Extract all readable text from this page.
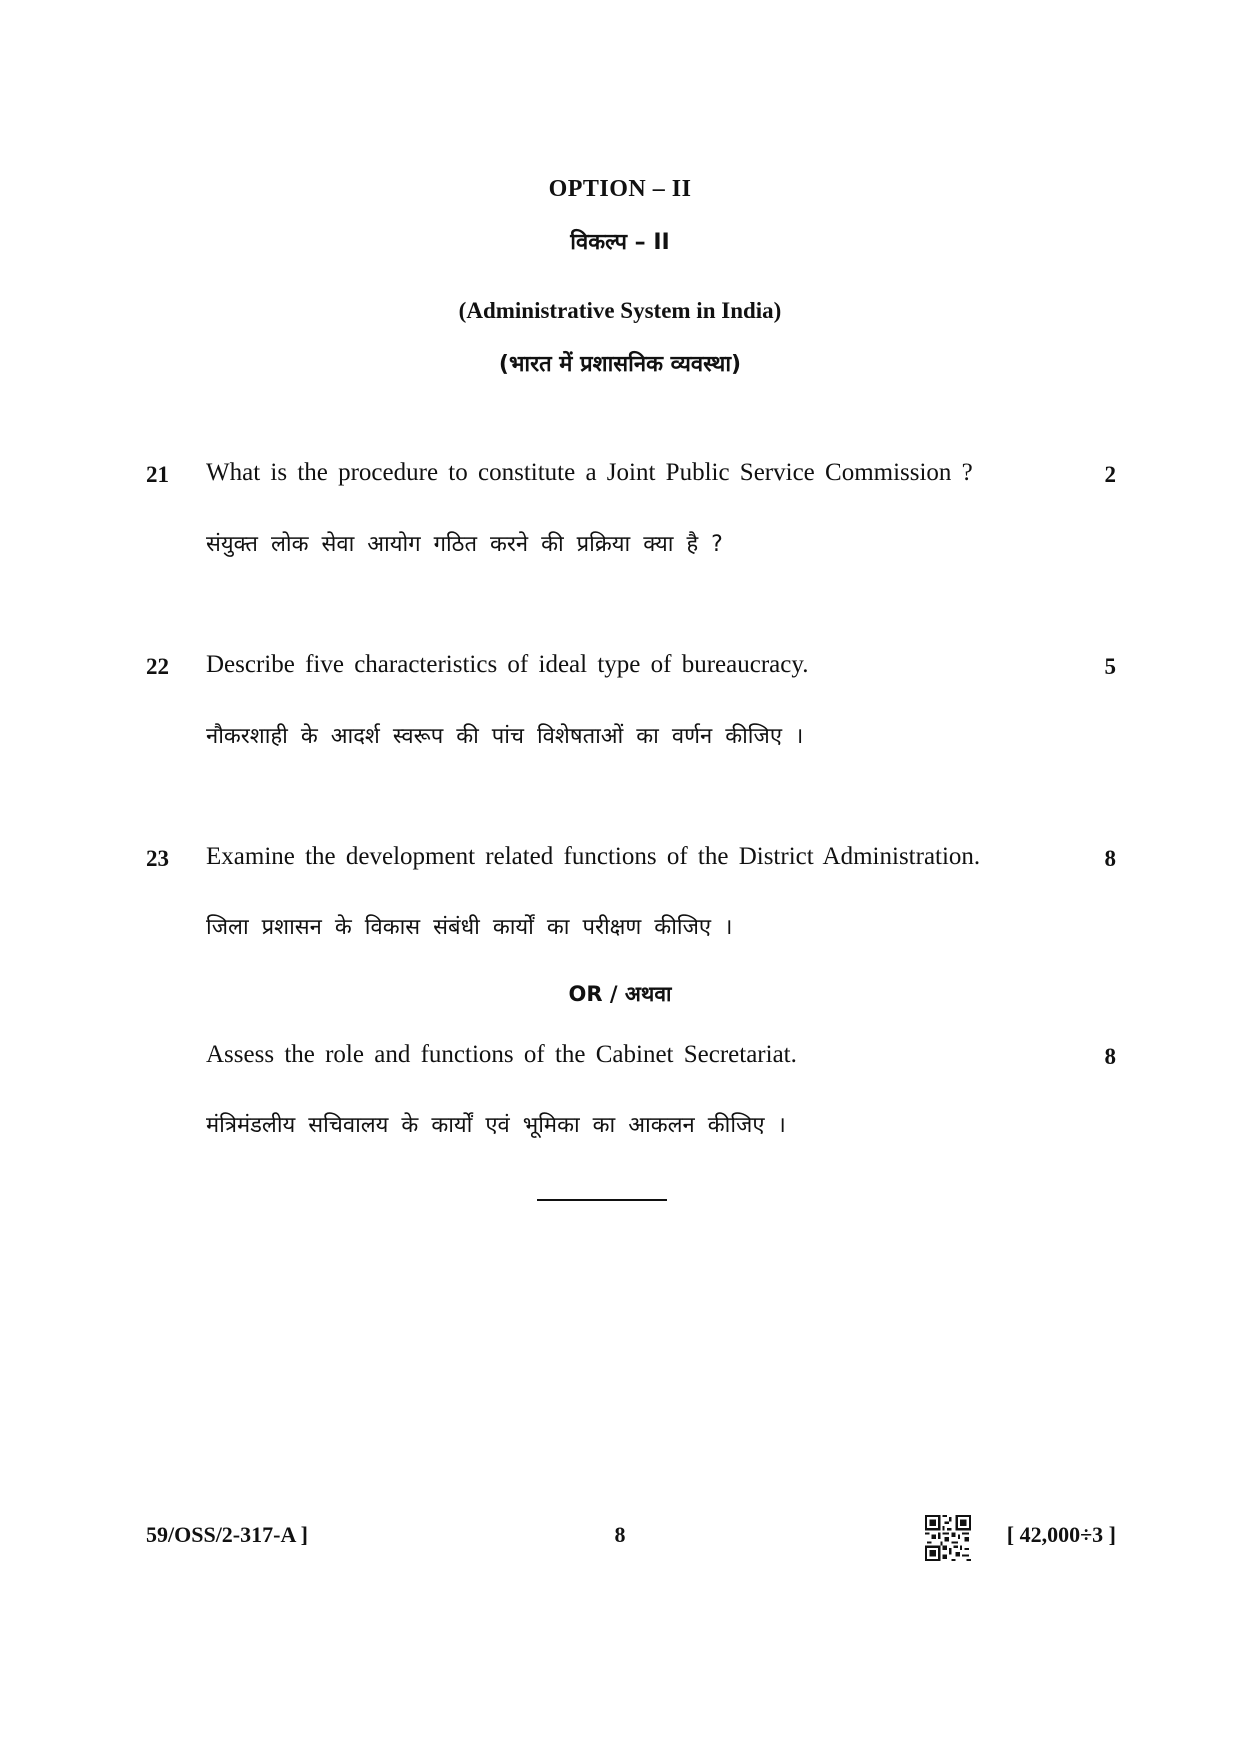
OPTION – II
विकल्प – II
(Administrative System in India)
(भारत में प्रशासनिक व्यवस्था)
21 What is the procedure to constitute a Joint Public Service Commission ?	2
संयुक्त लोक सेवा आयोग गठित करने की प्रक्रिया क्या है ?
22 Describe five characteristics of ideal type of bureaucracy.	5
नौकरशाही के आदर्श स्वरूप की पांच विशेषताओं का वर्णन कीजिए ।
23 Examine the development related functions of the District Administration.	8
जिला प्रशासन के विकास संबंधी कार्यों का परीक्षण कीजिए ।
OR / अथवा
Assess the role and functions of the Cabinet Secretariat.	8
मंत्रिमंडलीय सचिवालय के कार्यों एवं भूमिका का आकलन कीजिए ।
59/OSS/2-317-A ]	8	[ 42,000÷3 ]
